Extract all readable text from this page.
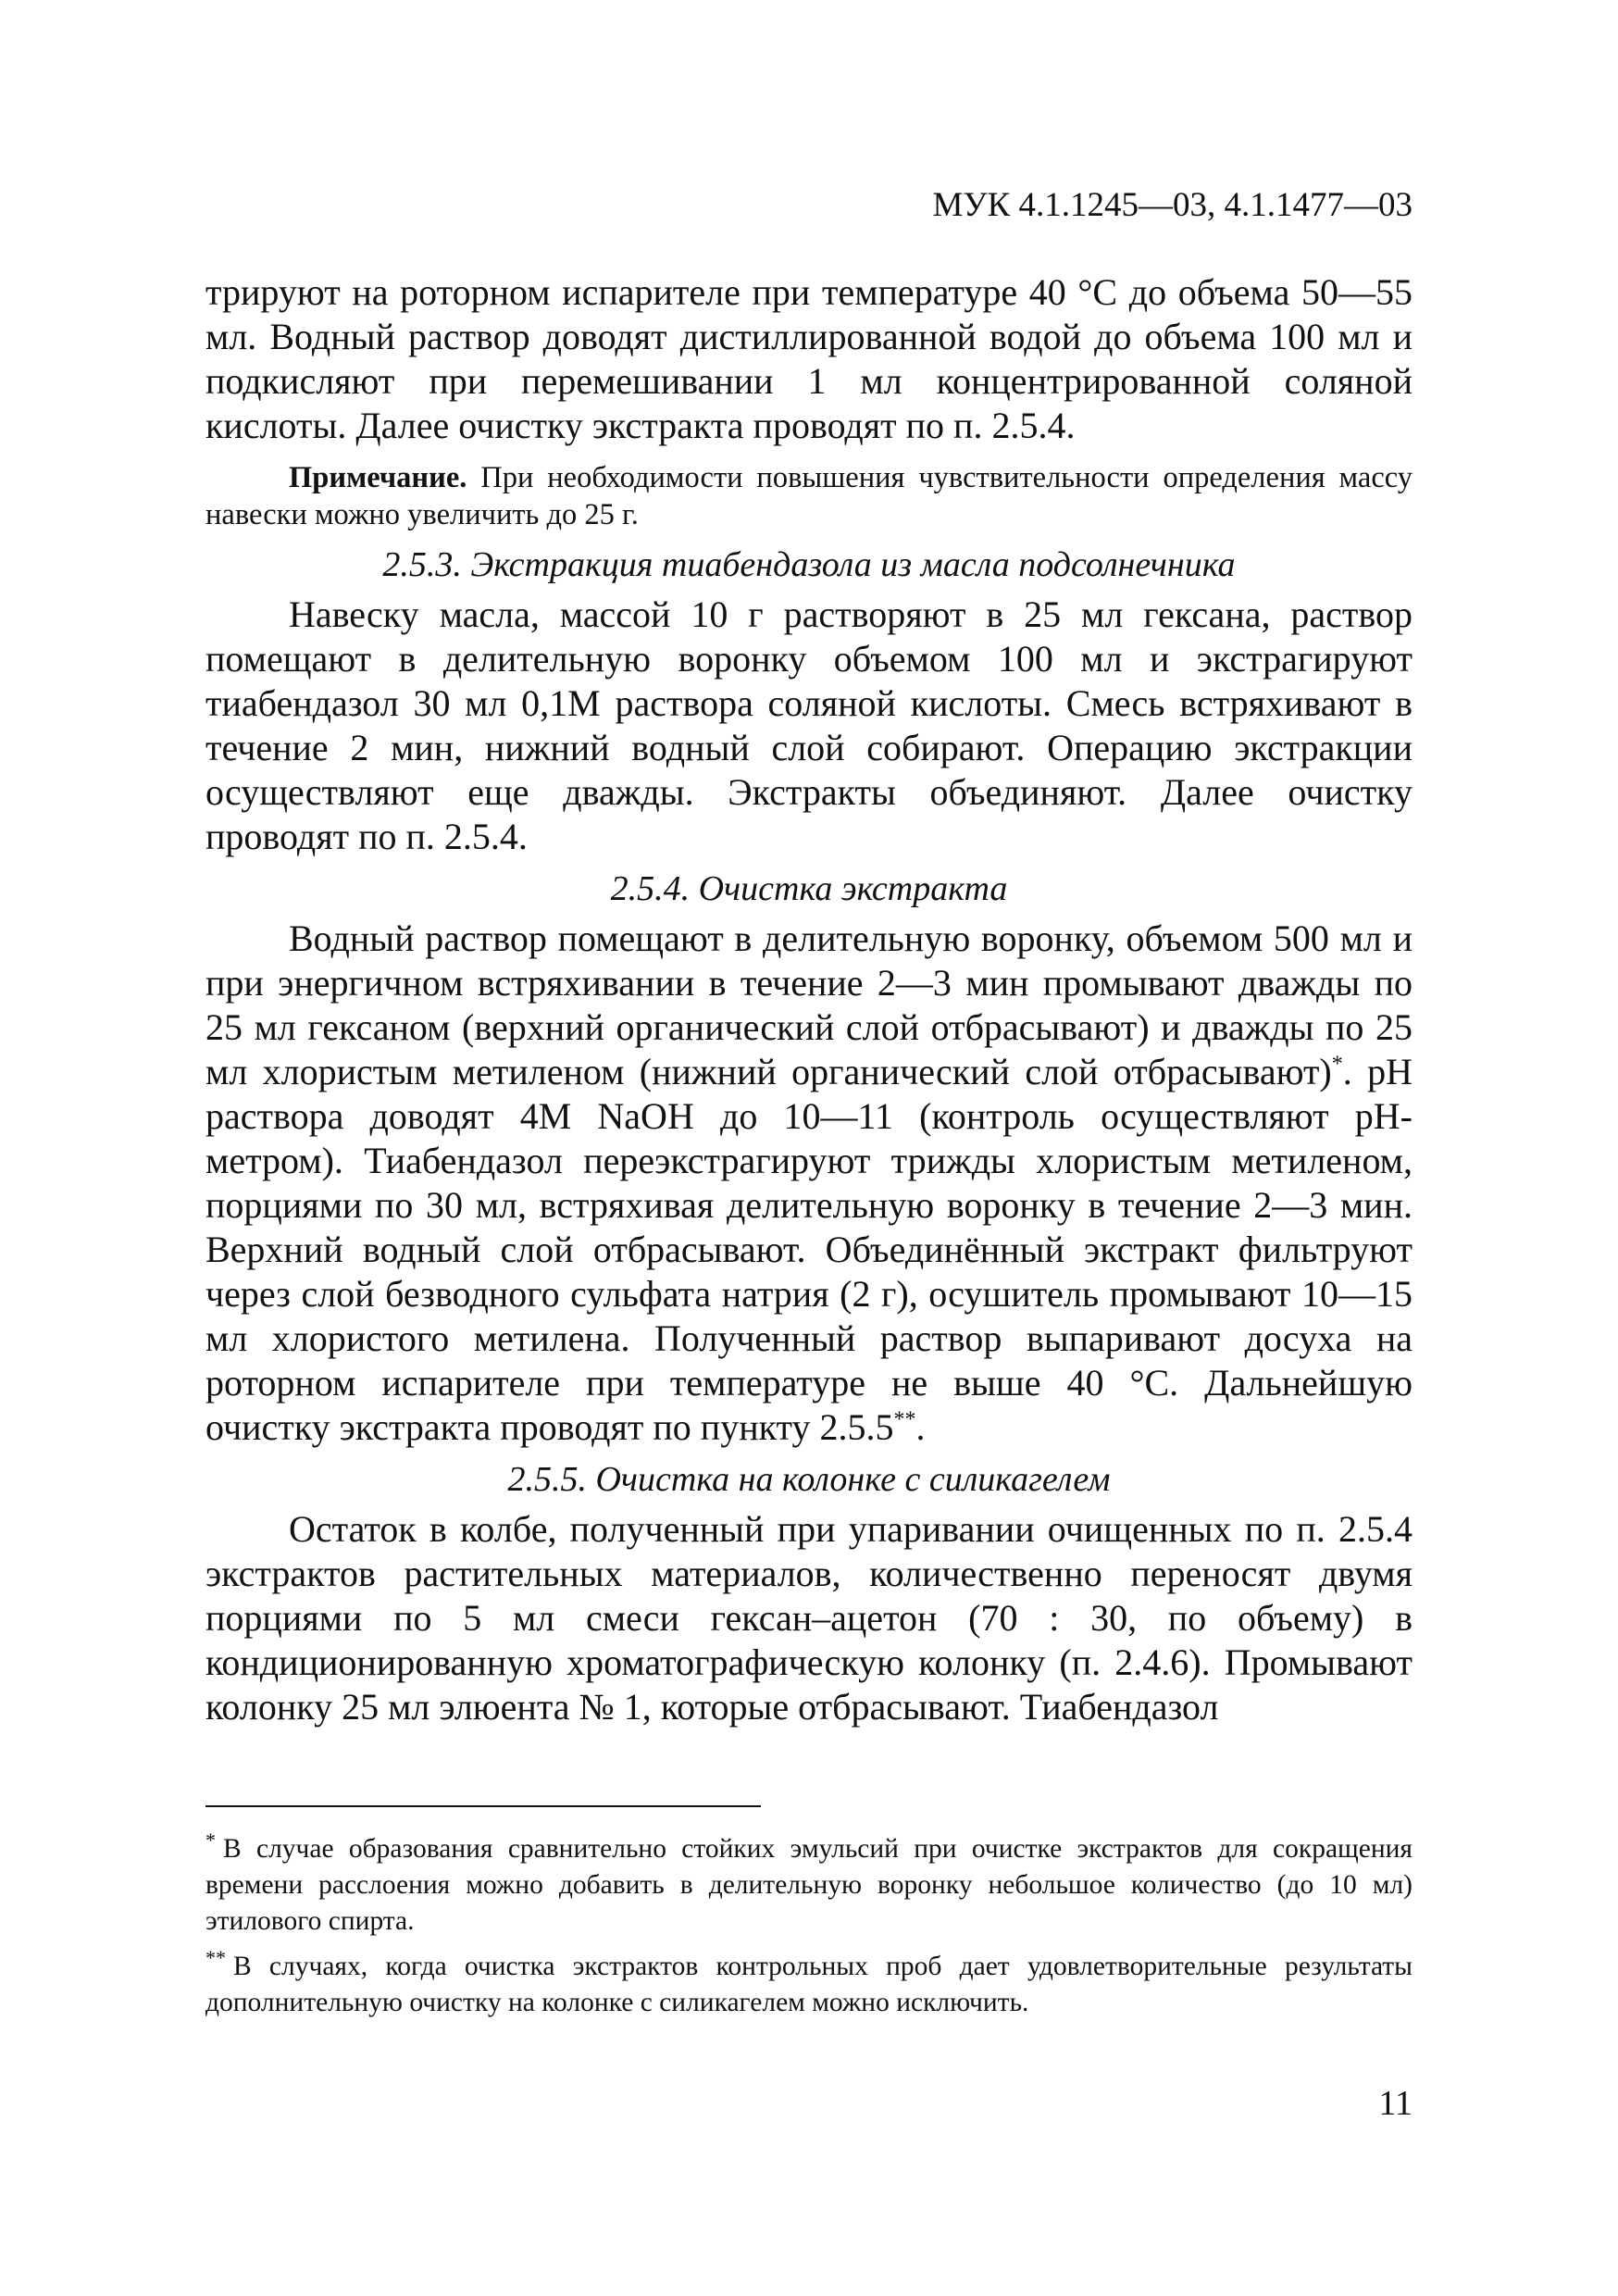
МУК 4.1.1245—03, 4.1.1477—03

трируют на роторном испарителе при температуре 40 °С до объема 50—55 мл. Водный раствор доводят дистиллированной водой до объема 100 мл и подкисляют при перемешивании 1 мл концентрированной соляной кислоты. Далее очистку экстракта проводят по п. 2.5.4.

Примечание. При необходимости повышения чувствительности определения массу навески можно увеличить до 25 г.

2.5.3. Экстракция тиабендазола из масла подсолнечника

Навеску масла, массой 10 г растворяют в 25 мл гексана, раствор помещают в делительную воронку объемом 100 мл и экстрагируют тиабендазол 30 мл 0,1М раствора соляной кислоты. Смесь встряхивают в течение 2 мин, нижний водный слой собирают. Операцию экстракции осуществляют еще дважды. Экстракты объединяют. Далее очистку проводят по п. 2.5.4.

2.5.4. Очистка экстракта

Водный раствор помещают в делительную воронку, объемом 500 мл и при энергичном встряхивании в течение 2—3 мин промывают дважды по 25 мл гексаном (верхний органический слой отбрасывают) и дважды по 25 мл хлористым метиленом (нижний органический слой отбрасывают)*. pH раствора доводят 4М NaOH до 10—11 (контроль осуществляют рН-метром). Тиабендазол переэкстрагируют трижды хлористым метиленом, порциями по 30 мл, встряхивая делительную воронку в течение 2—3 мин. Верхний водный слой отбрасывают. Объединённый экстракт фильтруют через слой безводного сульфата натрия (2 г), осушитель промывают 10—15 мл хлористого метилена. Полученный раствор выпаривают досуха на роторном испарителе при температуре не выше 40 °С. Дальнейшую очистку экстракта проводят по пункту 2.5.5**.

2.5.5. Очистка на колонке с силикагелем

Остаток в колбе, полученный при упаривании очищенных по п. 2.5.4 экстрактов растительных материалов, количественно переносят двумя порциями по 5 мл смеси гексан–ацетон (70 : 30, по объему) в кондиционированную хроматографическую колонку (п. 2.4.6). Промывают колонку 25 мл элюента № 1, которые отбрасывают. Тиабендазол

* В случае образования сравнительно стойких эмульсий при очистке экстрактов для сокращения времени расслоения можно добавить в делительную воронку небольшое количество (до 10 мл) этилового спирта.

** В случаях, когда очистка экстрактов контрольных проб дает удовлетворительные результаты дополнительную очистку на колонке с силикагелем можно исключить.

11
